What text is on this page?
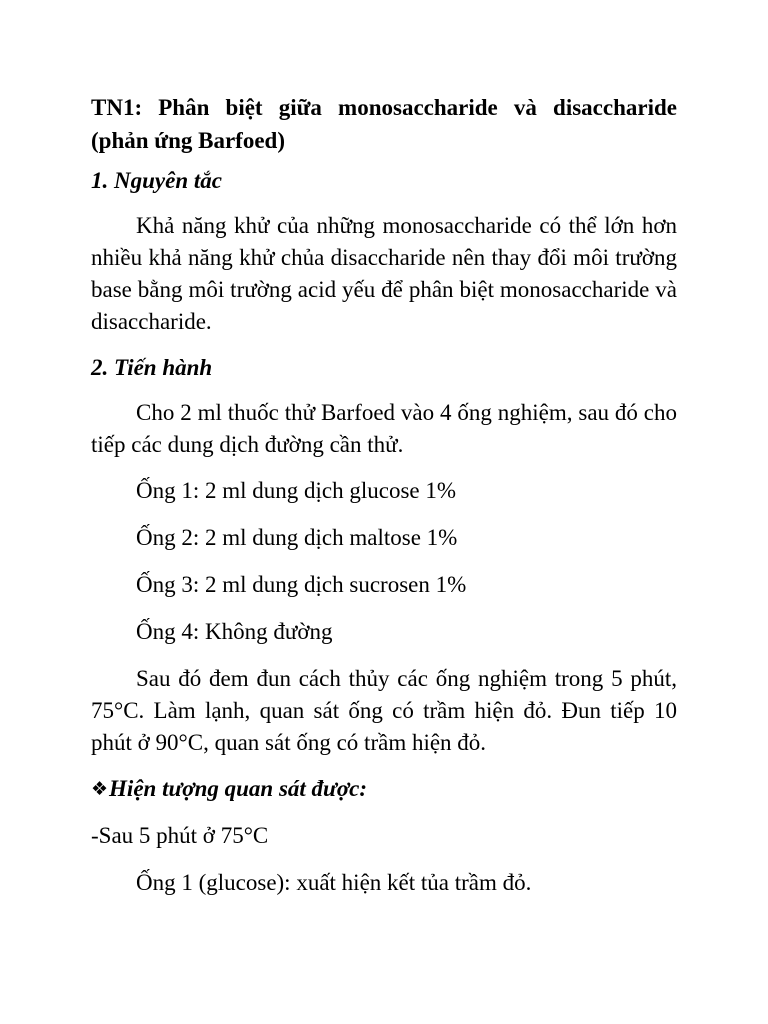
TN1: Phân biệt giữa monosaccharide và disaccharide (phản ứng Barfoed)
1. Nguyên tắc
Khả năng khử của những monosaccharide có thể lớn hơn nhiều khả năng khử chủa disaccharide nên thay đổi môi trường base bằng môi trường acid yếu để phân biệt monosaccharide và disaccharide.
2. Tiến hành
Cho 2 ml thuốc thử Barfoed vào 4 ống nghiệm, sau đó cho tiếp các dung dịch đường cần thử.
Ống 1: 2 ml dung dịch glucose 1%
Ống 2: 2 ml dung dịch maltose 1%
Ống 3: 2 ml dung dịch sucrosen 1%
Ống 4: Không đường
Sau đó đem đun cách thủy các ống nghiệm trong 5 phút, 75°C. Làm lạnh, quan sát ống có trầm hiện đỏ. Đun tiếp 10 phút ở 90°C, quan sát ống có trầm hiện đỏ.
❖ Hiện tượng quan sát được:
-Sau 5 phút ở 75°C
Ống 1 (glucose): xuất hiện kết tủa trầm đỏ.
